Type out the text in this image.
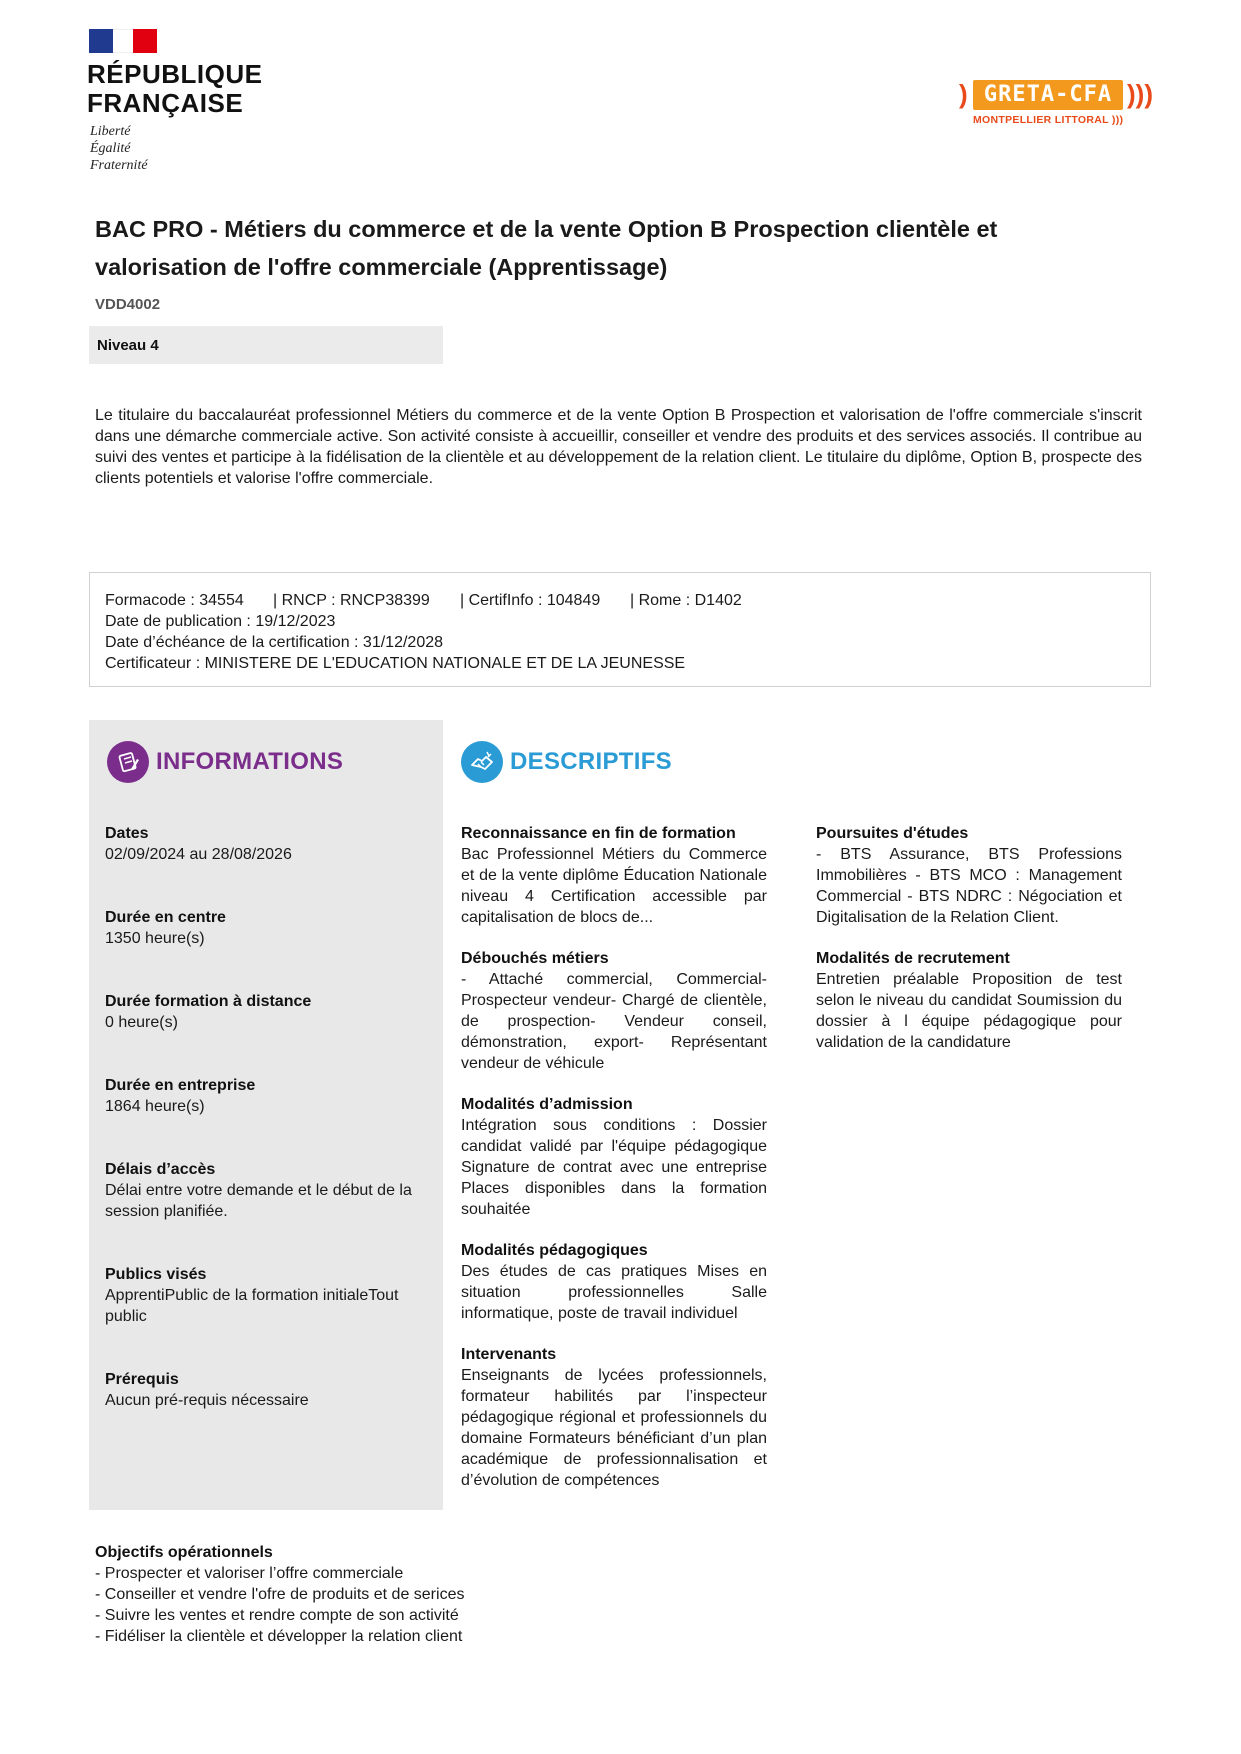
RÉPUBLIQUE
FRANÇAISE
Liberté
Égalité
Fraternité
) GRETA-CFA )))
MONTPELLIER LITTORAL )))
BAC PRO - Métiers du commerce et de la vente Option B Prospection clientèle et valorisation de l'offre commerciale (Apprentissage)
VDD4002
Niveau 4
Le titulaire du baccalauréat professionnel Métiers du commerce et de la vente Option B Prospection et valorisation de l'offre commerciale s'inscrit dans une démarche commerciale active. Son activité consiste à accueillir, conseiller et vendre des produits et des services associés. Il contribue au suivi des ventes et participe à la fidélisation de la clientèle et au développement de la relation client. Le titulaire du diplôme, Option B, prospecte des clients potentiels et valorise l'offre commerciale.
Formacode : 34554 | RNCP : RNCP38399 | CertifInfo : 104849 | Rome : D1402
Date de publication : 19/12/2023
Date d’échéance de la certification : 31/12/2028
Certificateur : MINISTERE DE L'EDUCATION NATIONALE ET DE LA JEUNESSE
INFORMATIONS
Dates
02/09/2024 au 28/08/2026
Durée en centre
1350 heure(s)
Durée formation à distance
0 heure(s)
Durée en entreprise
1864 heure(s)
Délais d’accès
Délai entre votre demande et le début de la session planifiée.
Publics visés
ApprentiPublic de la formation initialeTout public
Prérequis
Aucun pré-requis nécessaire
DESCRIPTIFS
Reconnaissance en fin de formation
Bac Professionnel Métiers du Commerce et de la vente diplôme Éducation Nationale niveau 4 Certification accessible par capitalisation de blocs de...
Débouchés métiers
- Attaché commercial, Commercial-Prospecteur vendeur- Chargé de clientèle, de prospection- Vendeur conseil, démonstration, export- Représentant vendeur de véhicule
Modalités d’admission
Intégration sous conditions : Dossier candidat validé par l'équipe pédagogique Signature de contrat avec une entreprise Places disponibles dans la formation souhaitée
Modalités pédagogiques
Des études de cas pratiques Mises en situation professionnelles Salle informatique, poste de travail individuel
Intervenants
Enseignants de lycées professionnels, formateur habilités par l’inspecteur pédagogique régional et professionnels du domaine Formateurs bénéficiant d’un plan académique de professionnalisation et d’évolution de compétences
Poursuites d'études
- BTS Assurance, BTS Professions Immobilières - BTS MCO : Management Commercial - BTS NDRC : Négociation et Digitalisation de la Relation Client.
Modalités de recrutement
Entretien préalable Proposition de test selon le niveau du candidat Soumission du dossier à l équipe pédagogique pour validation de la candidature
Objectifs opérationnels
- Prospecter et valoriser l’offre commerciale
- Conseiller et vendre l'ofre de produits et de serices
- Suivre les ventes et rendre compte de son activité
- Fidéliser la clientèle et développer la relation client
